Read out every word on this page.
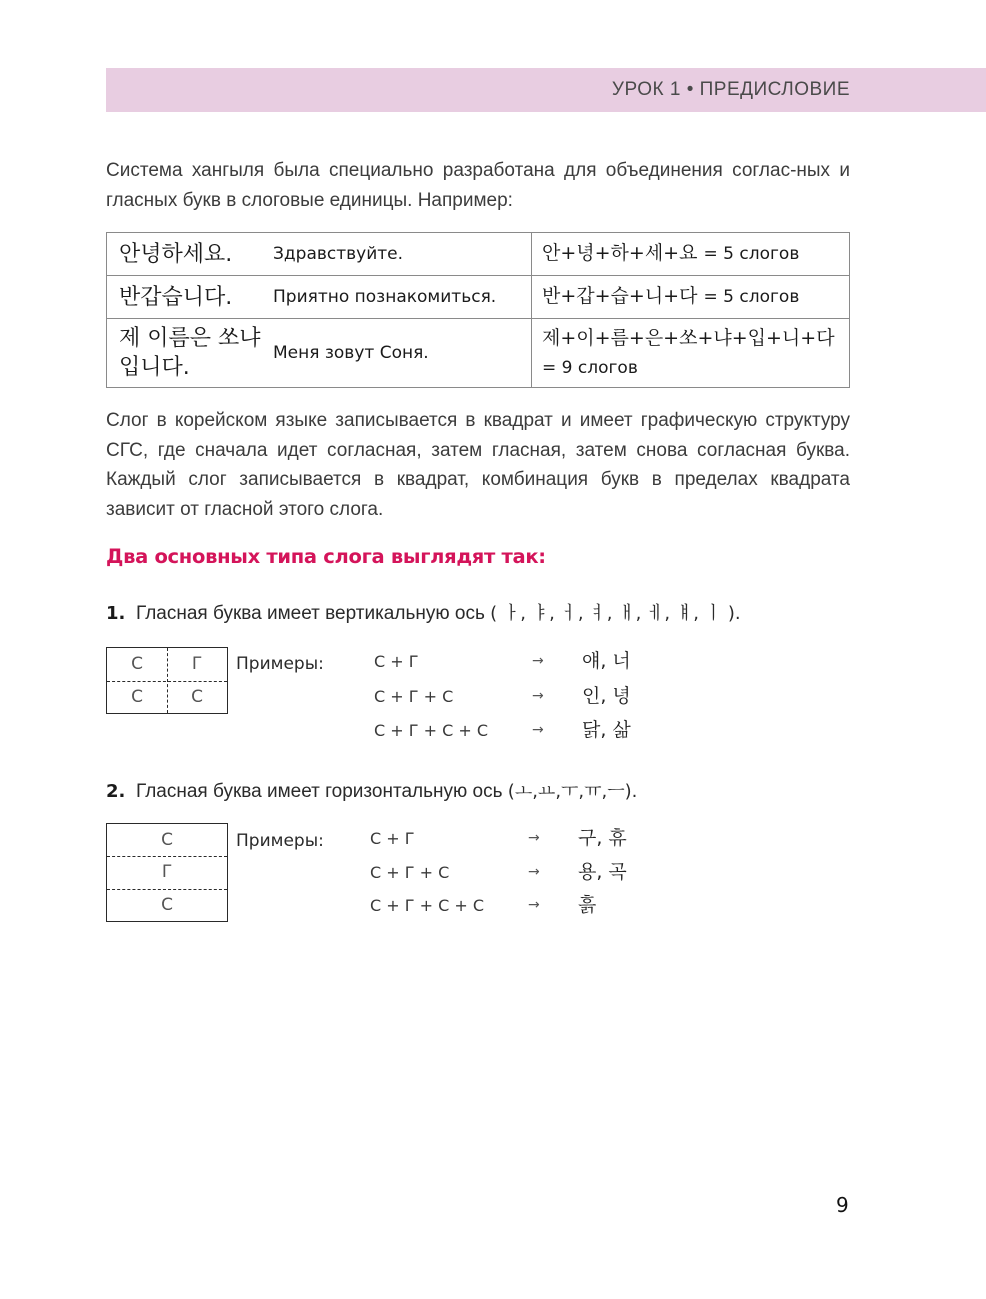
УРОК 1 • ПРЕДИСЛОВИЕ

Система хангыля была специально разработана для объединения соглас-ных и гласных букв в слоговые единицы. Например:

안녕하세요.	Здравствуйте.	안+녕+하+세+요 = 5 слогов
반갑습니다.	Приятно познакомиться.	반+갑+습+니+다 = 5 слогов
제 이름은 쏘냐입니다.	Меня зовут Соня.	제+이+름+은+쏘+냐+입+니+다 = 9 слогов

Слог в корейском языке записывается в квадрат и имеет графическую структуру СГС, где сначала идет согласная, затем гласная, затем снова согласная буква. Каждый слог записывается в квадрат, комбинация букв в пределах квадрата зависит от гласной этого слога.

Два основных типа слога выглядят так:
1. Гласная буква имеет вертикальную ось ( ㅏ, ㅑ, ㅓ, ㅕ, ㅐ, ㅔ, ㅒ, ㅣ ).
С	Г
С	С
Примеры:	С + Г	→ 얘, 너
С + Г + С	→ 인, 녕
С + Г + С + С	→ 닭, 삶
2. Гласная буква имеет горизонтальную ось (ㅗ,ㅛ,ㅜ,ㅠ,ㅡ).
С
Г
С
Примеры:	С + Г	→ 구, 휴
С + Г + С	→ 용, 곡
С + Г + С + С	→ 흙
9
